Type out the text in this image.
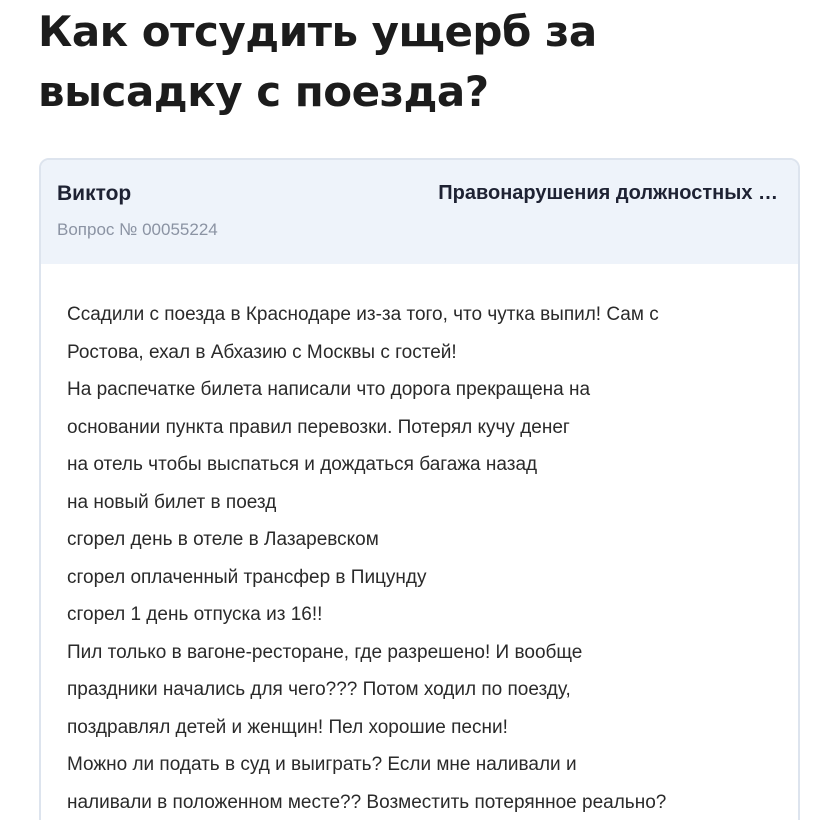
Как отсудить ущерб за высадку с поезда?
Виктор
Вопрос № 00055224
Правонарушения должностных …
Ссадили с поезда в Краснодаре из-за того, что чутка выпил! Сам с
Ростова, ехал в Абхазию с Москвы с гостей!
На распечатке билета написали что дорога прекращена на
основании пункта правил перевозки. Потерял кучу денег
на отель чтобы выспаться и дождаться багажа назад
на новый билет в поезд
сгорел день в отеле в Лазаревском
сгорел оплаченный трансфер в Пицунду
сгорел 1 день отпуска из 16!!
Пил только в вагоне-ресторане, где разрешено! И вообще
праздники начались для чего??? Потом ходил по поезду,
поздравлял детей и женщин! Пел хорошие песни!
Можно ли подать в суд и выиграть? Если мне наливали и
наливали в положенном месте?? Возместить потерянное реально?
